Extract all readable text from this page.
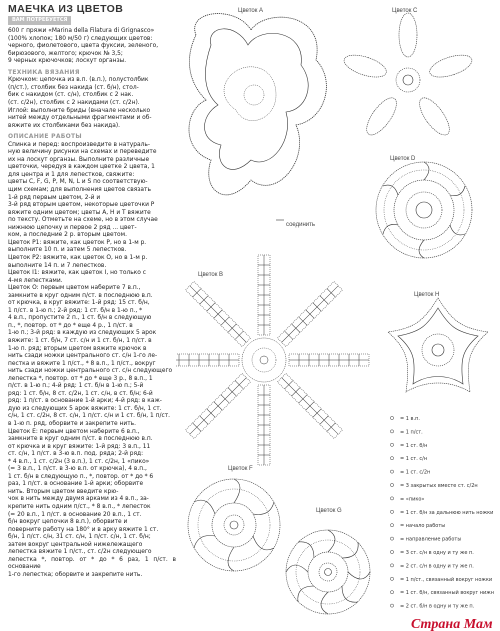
МАЕЧКА ИЗ ЦВЕТОВ
ВАМ ПОТРЕБУЕТСЯ
600 г пряжи «Marina della Filatura di Grignasco»
(100% хлопок; 180 м/50 г) следующих цветов:
черного, фиолетового, цвета фуксии, зеленого,
бирюзового, желтого; крючок № 3,5;
9 черных крючочков; лоскут органзы.
ТЕХНИКА ВЯЗАНИЯ
Крючком: цепочка из в.п. (в.п.), полустолбик
(п/ст.), столбик без накида (ст. б/н), стол-
бик с накидом (ст. с/н), столбик с 2 нак.
(ст. с/2н), столбик с 2 накидами (ст. с/2н).
Иглой: выполните бриды (вначале несколько
нитей между отдельными фрагментами и об-
вяжите их столбиками без накида).
ОПИСАНИЕ РАБОТЫ
Спинка и перед: воспроизведите в натураль-
ную величину рисунки на схемах и переведите
их на лоскут органзы. Выполните различные
цветочки, чередуя в каждом цветке 2 цвета, 1
для центра и 1 для лепестков, свяжите:
цветы C, F, G, P, M, N, L и S по соответствую-
щим схемам; для выполнения цветов связать
1-й ряд первым цветом, 2-й и
3-й ряд вторым цветом, некоторые цветочки P
вяжите одним цветом; цветы A, H и T вяжите
по тексту. Отметьте на схеме, но в этом случае
нижнюю цепочку и первое 2 ряд ... цвет-
ком, а последние 2 р. вторым цветом.
Цветок P1: вяжите, как цветок P, но в 1-м р.
выполните 10 п. и затем 5 лепестков.
Цветок P2: вяжите, как цветок O, но в 1-м р.
выполните 14 п. и 7 лепестков.
Цветок I1: вяжите, как цветок I, но только с
4-мя лепестками.
Цветок O: первым цветом наберите 7 в.п.,
замкните в круг одним п/ст. в последнюю в.п.
от крючка, в круг вяжите: 1-й ряд: 15 ст. б/н,
1 п/ст. в 1-ю п.; 2-й ряд: 1 ст. б/н в 1-ю п., *
4 в.п., пропустите 2 п., 1 ст. б/н в следующую
п., *, повтор. от * до * еще 4 р., 1 п/ст. в
1-ю п.; 3-й ряд: в каждую из следующих 5 арок
вяжите: 1 ст. б/н, 7 ст. с/н и 1 ст. б/н, 1 п/ст. в
1-ю п. ряд; вторым цветом вяжите крючок в
нить сзади ножки центрального ст. с/н 1-го ле-
пестка и вяжите 1 п/ст., * 8 в.п., 1 п/ст., вокруг
нить сзади ножки центрального ст. с/н следующего
лепестка *, повтор. от * до * еще 3 р., 8 в.п., 1
п/ст. в 1-ю п.; 4-й ряд: 1 ст. б/н в 1-ю п.; 5-й
ряд: 1 ст. б/н, 8 ст. с/2н, 1 ст. с/н, в ст. б/н; 6-й
ряд: 1 п/ст. в основание 1-й арки; 4-й ряд: в каж-
дую из следующих 5 арок вяжите: 1 ст. б/н, 1 ст.
с/н, 1 ст. с/2н, 8 ст. с/н, 1 п/ст. с/н и 1 ст. б/н, 1 п/ст.
в 1-ю п. ряд, оборвите и закрепите нить.
Цветок E: первым цветом наберите 6 в.п.,
замкните в круг одним п/ст. в последнюю в.п.
от крючка и в круг вяжите: 1-й ряд: 3 в.п., 11
ст. с/н, 1 п/ст. в 3-ю в.п. под. ряда; 2-й ряд:
* 4 в.п., 1 ст. с/2н (3 в.п.), 1 ст. с/2н, 1 «пико»
(= 3 в.п., 1 п/ст. в 3-ю в.п. от крючка), 4 в.п.,
1 ст. б/н в следующую п., *, повтор. от * до * 6
раз, 1 п/ст. в основание 1-й арки; оборвите
нить. Вторым цветом введите крю-
чок в нить между двумя арками из 4 в.п., за-
крепите нить одним п/ст., * 8 в.п., * лепесток
(= 20 в.п., 1 п/ст. в основание 20 в.п., 1 ст.
б/н вокруг цепочки 8 в.п.), оборвите и
поверните работу на 180° и в арку вяжите 1 ст.
б/н, 1 п/ст. с/н, 31 ст. с/н, 1 п/ст. с/н, 1 ст. б/н;
затем вокруг центральной нижележащего
лепестка вяжите 1 п/ст., ст. с/2н следующего
лепестка *, повтор. от * до * 6 раз, 1 п/ст. в основание
1-го лепестка; оборвите и закрепите нить.
Цветок А
соединить
Цветок C
Цветок D
Цветок B
Цветок H
Цветок F
Цветок G
= 1 в.п.
= 1 п/ст.
= 1 ст. б/н
= 1 ст. с/н
= 1 ст. с/2н
= 3 закрытых вместе ст. с/2н
= «пико»
= 1 ст. б/н за дальнюю нить ножки
= начало работы
= направление работы
= 3 ст. с/н в одну и ту же п.
= 2 ст. с/н в одну и ту же п.
= 1 п/ст., связанный вокруг ножки
= 1 ст. б/н, связанный вокруг нижн
= 2 ст. б/н в одну и ту же п.
Страна Мам
